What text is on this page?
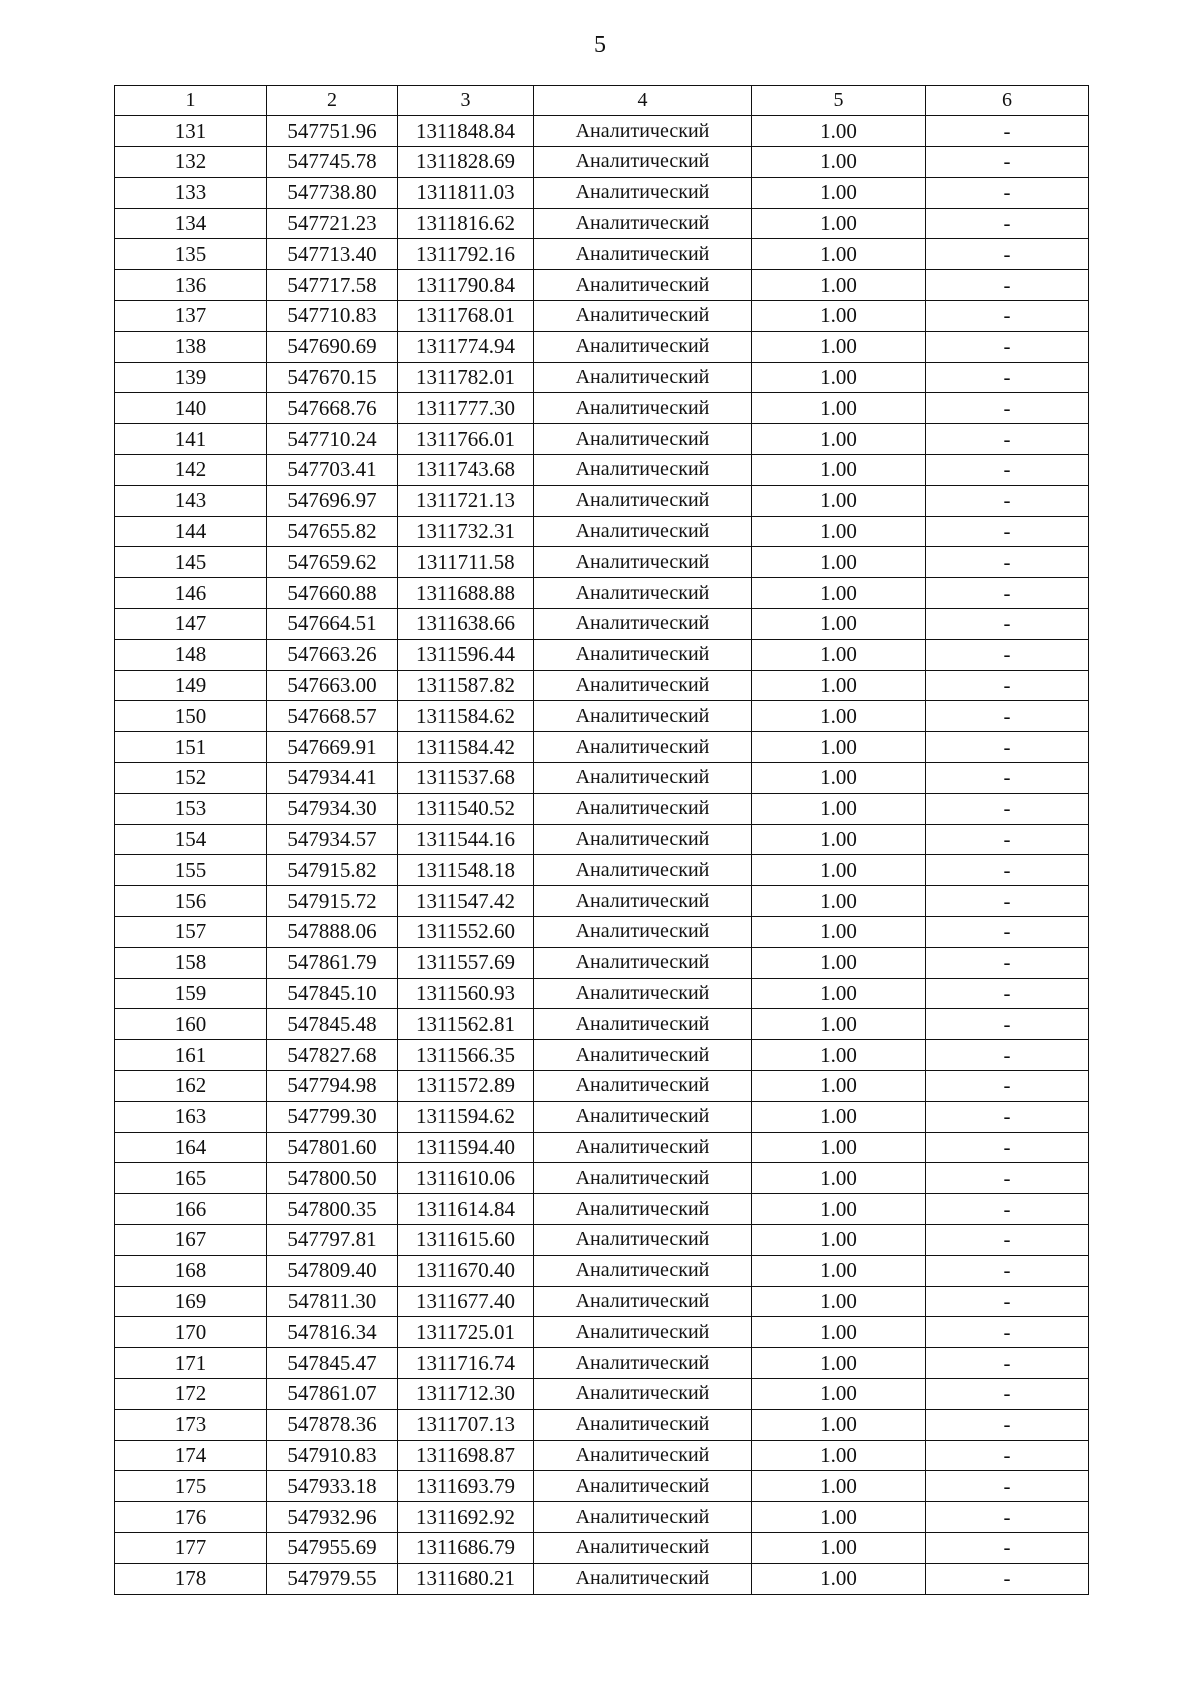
5
1	2	3	4	5	6
131	547751.96	1311848.84	Аналитический	1.00	-
132	547745.78	1311828.69	Аналитический	1.00	-
133	547738.80	1311811.03	Аналитический	1.00	-
134	547721.23	1311816.62	Аналитический	1.00	-
135	547713.40	1311792.16	Аналитический	1.00	-
136	547717.58	1311790.84	Аналитический	1.00	-
137	547710.83	1311768.01	Аналитический	1.00	-
138	547690.69	1311774.94	Аналитический	1.00	-
139	547670.15	1311782.01	Аналитический	1.00	-
140	547668.76	1311777.30	Аналитический	1.00	-
141	547710.24	1311766.01	Аналитический	1.00	-
142	547703.41	1311743.68	Аналитический	1.00	-
143	547696.97	1311721.13	Аналитический	1.00	-
144	547655.82	1311732.31	Аналитический	1.00	-
145	547659.62	1311711.58	Аналитический	1.00	-
146	547660.88	1311688.88	Аналитический	1.00	-
147	547664.51	1311638.66	Аналитический	1.00	-
148	547663.26	1311596.44	Аналитический	1.00	-
149	547663.00	1311587.82	Аналитический	1.00	-
150	547668.57	1311584.62	Аналитический	1.00	-
151	547669.91	1311584.42	Аналитический	1.00	-
152	547934.41	1311537.68	Аналитический	1.00	-
153	547934.30	1311540.52	Аналитический	1.00	-
154	547934.57	1311544.16	Аналитический	1.00	-
155	547915.82	1311548.18	Аналитический	1.00	-
156	547915.72	1311547.42	Аналитический	1.00	-
157	547888.06	1311552.60	Аналитический	1.00	-
158	547861.79	1311557.69	Аналитический	1.00	-
159	547845.10	1311560.93	Аналитический	1.00	-
160	547845.48	1311562.81	Аналитический	1.00	-
161	547827.68	1311566.35	Аналитический	1.00	-
162	547794.98	1311572.89	Аналитический	1.00	-
163	547799.30	1311594.62	Аналитический	1.00	-
164	547801.60	1311594.40	Аналитический	1.00	-
165	547800.50	1311610.06	Аналитический	1.00	-
166	547800.35	1311614.84	Аналитический	1.00	-
167	547797.81	1311615.60	Аналитический	1.00	-
168	547809.40	1311670.40	Аналитический	1.00	-
169	547811.30	1311677.40	Аналитический	1.00	-
170	547816.34	1311725.01	Аналитический	1.00	-
171	547845.47	1311716.74	Аналитический	1.00	-
172	547861.07	1311712.30	Аналитический	1.00	-
173	547878.36	1311707.13	Аналитический	1.00	-
174	547910.83	1311698.87	Аналитический	1.00	-
175	547933.18	1311693.79	Аналитический	1.00	-
176	547932.96	1311692.92	Аналитический	1.00	-
177	547955.69	1311686.79	Аналитический	1.00	-
178	547979.55	1311680.21	Аналитический	1.00	-
